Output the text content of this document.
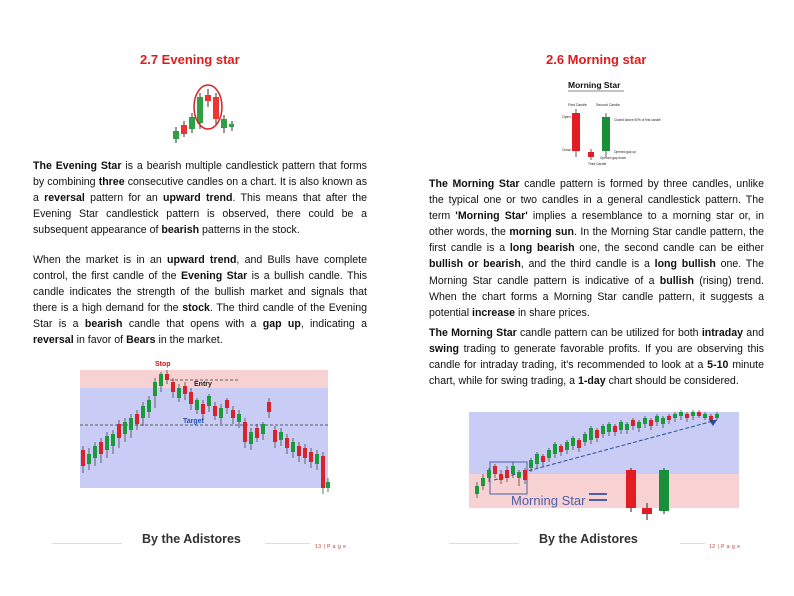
2.7 Evening star

The Evening Star is a bearish multiple candlestick pattern that forms by combining three consecutive candles on a chart. It is also known as a reversal pattern for an upward trend. This means that after the Evening Star candlestick pattern is observed, there could be a subsequent appearance of bearish patterns in the stock.

When the market is in an upward trend, and Bulls have complete control, the first candle of the Evening Star is a bullish candle. This candle indicates the strength of the bullish market and signals that there is a high demand for the stock. The third candle of the Evening Star is a bearish candle that opens with a gap up, indicating a reversal in favor of Bears in the market.

Stop
Entry
Target
By the Adistores
13 | P a g e
2.6 Morning star
Morning Star
First Candle	Second Candle
Open
Close
Closed above 50% of first candle
Opened gap up
Opened gap down
Third Candle

The Morning Star candle pattern is formed by three candles, unlike the typical one or two candles in a general candlestick pattern. The term 'Morning Star' implies a resemblance to a morning star or, in other words, the morning sun. In the Morning Star candle pattern, the first candle is a long bearish one, the second candle can be either bullish or bearish, and the third candle is a long bullish one. The Morning Star candle pattern is indicative of a bullish (rising) trend. When the chart forms a Morning Star candle pattern, it suggests a potential increase in share prices.

The Morning Star candle pattern can be utilized for both intraday and swing trading to generate favorable profits. If you are observing this candle for intraday trading, it's recommended to look at a 5-10 minute chart, while for swing trading, a 1-day chart should be considered.

Morning Star
By the Adistores
12 | P a g e
